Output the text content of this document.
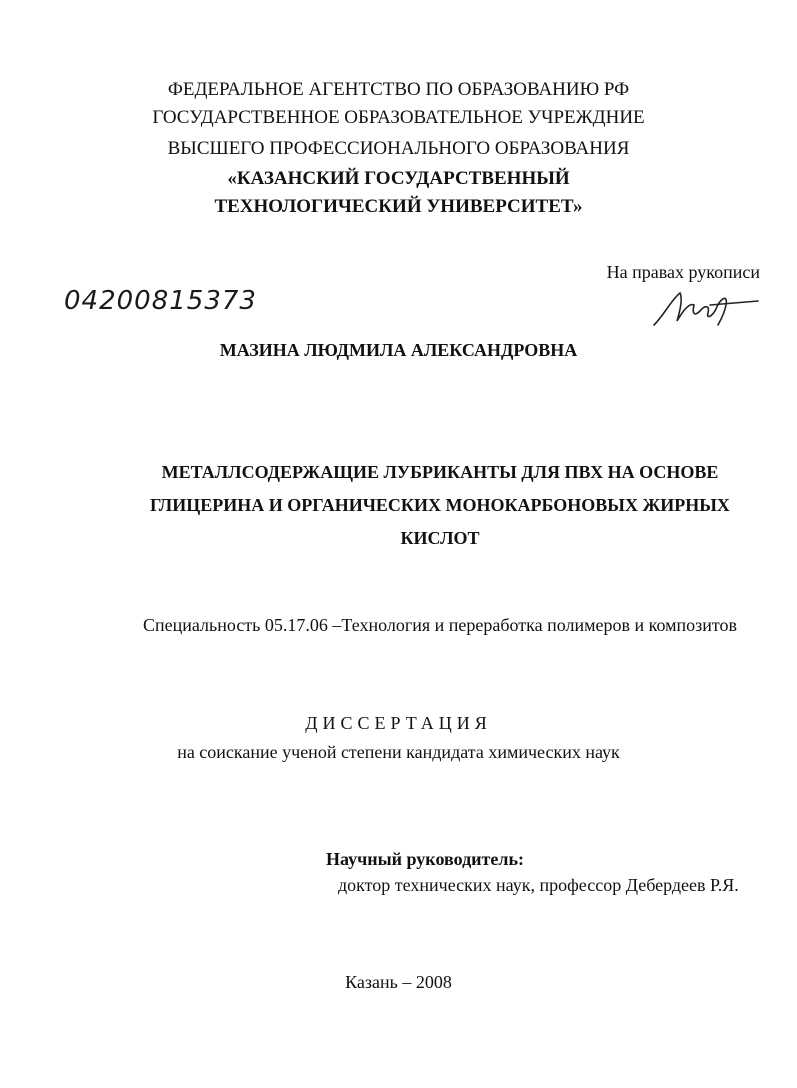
ФЕДЕРАЛЬНОЕ АГЕНТСТВО ПО ОБРАЗОВАНИЮ РФ
ГОСУДАРСТВЕННОЕ ОБРАЗОВАТЕЛЬНОЕ УЧРЕЖДНИЕ
ВЫСШЕГО ПРОФЕССИОНАЛЬНОГО ОБРАЗОВАНИЯ
«КАЗАНСКИЙ ГОСУДАРСТВЕННЫЙ
ТЕХНОЛОГИЧЕСКИЙ УНИВЕРСИТЕТ»
На правах рукописи
04200815373
МАЗИНА ЛЮДМИЛА АЛЕКСАНДРОВНА
МЕТАЛЛСОДЕРЖАЩИЕ ЛУБРИКАНТЫ ДЛЯ ПВХ НА ОСНОВЕ
ГЛИЦЕРИНА И ОРГАНИЧЕСКИХ МОНОКАРБОНОВЫХ ЖИРНЫХ
КИСЛОТ
Специальность 05.17.06 –Технология и переработка полимеров и композитов
ДИССЕРТАЦИЯ
на соискание ученой степени кандидата химических наук
Научный руководитель:
доктор технических наук, профессор Дебердеев Р.Я.
Казань – 2008
